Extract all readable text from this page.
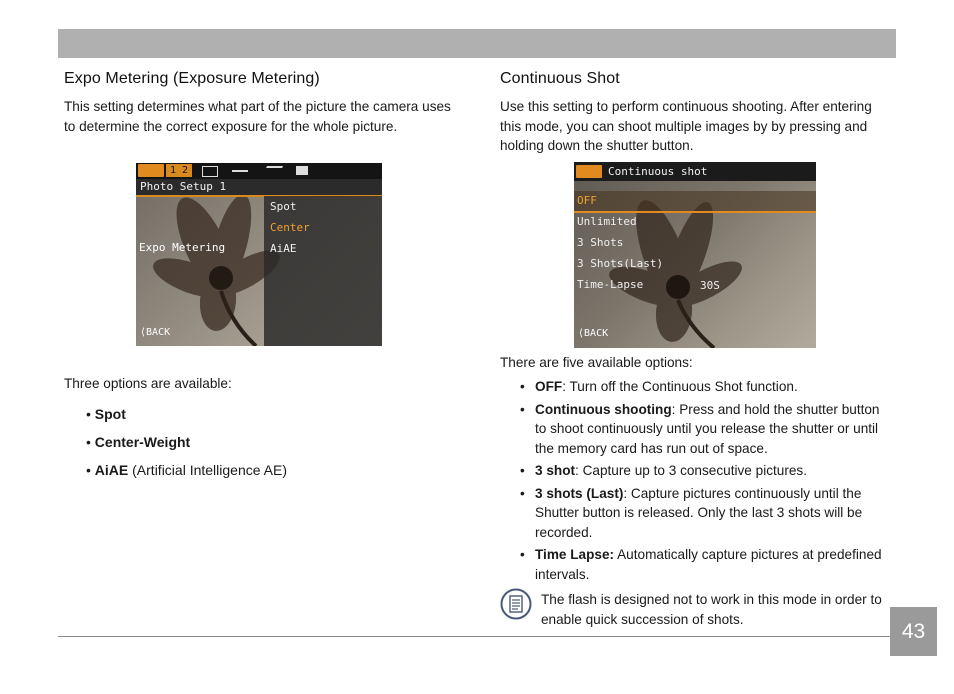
Expo Metering (Exposure Metering)

This setting determines what part of the picture the camera uses to determine the correct exposure for the whole picture.

1 2
Photo Setup 1
Spot
Center
AiAE
Expo Metering
⟨BACK
Three options are available:
• Spot
• Center-Weight
• AiAE (Artificial Intelligence AE)
Continuous Shot

Use this setting to perform continuous shooting. After entering this mode, you can shoot multiple images by by pressing and holding down the shutter button.

Continuous shot
OFF
Unlimited
3 Shots
3 Shots(Last)
Time-Lapse	30S
⟨BACK
There are five available options:
• OFF: Turn off the Continuous Shot function.
• Continuous shooting: Press and hold the shutter button to shoot continuously until you release the shutter or until the memory card has run out of space.
• 3 shot: Capture up to 3 consecutive pictures.
• 3 shots (Last): Capture pictures continuously until the Shutter button is released. Only the last 3 shots will be recorded.
• Time Lapse: Automatically capture pictures at predefined intervals.
The flash is designed not to work in this mode in order to enable quick succession of shots.
43
